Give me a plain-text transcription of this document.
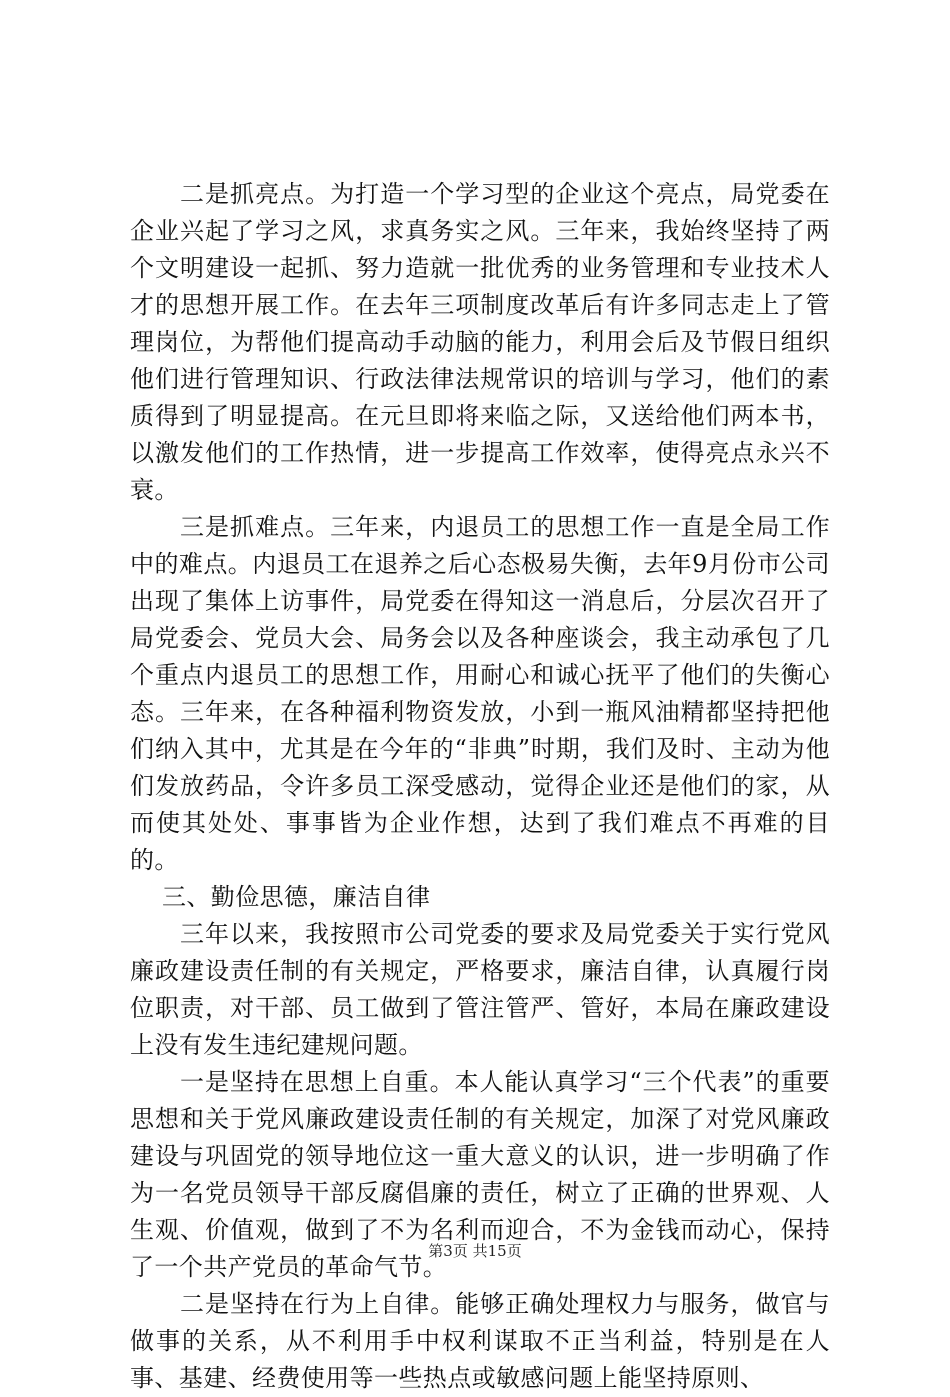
二是抓亮点。为打造一个学习型的企业这个亮点，局党委在企业兴起了学习之风，求真务实之风。三年来，我始终坚持了两个文明建设一起抓、努力造就一批优秀的业务管理和专业技术人才的思想开展工作。在去年三项制度改革后有许多同志走上了管理岗位，为帮他们提高动手动脑的能力，利用会后及节假日组织他们进行管理知识、行政法律法规常识的培训与学习，他们的素质得到了明显提高。在元旦即将来临之际，又送给他们两本书，以激发他们的工作热情，进一步提高工作效率，使得亮点永兴不衰。

三是抓难点。三年来，内退员工的思想工作一直是全局工作中的难点。内退员工在退养之后心态极易失衡，去年9月份市公司出现了集体上访事件，局党委在得知这一消息后，分层次召开了局党委会、党员大会、局务会以及各种座谈会，我主动承包了几个重点内退员工的思想工作，用耐心和诚心抚平了他们的失衡心态。三年来，在各种福利物资发放，小到一瓶风油精都坚持把他们纳入其中，尤其是在今年的“非典”时期，我们及时、主动为他们发放药品，令许多员工深受感动，觉得企业还是他们的家，从而使其处处、事事皆为企业作想，达到了我们难点不再难的目的。

三、勤俭思德，廉洁自律

三年以来，我按照市公司党委的要求及局党委关于实行党风廉政建设责任制的有关规定，严格要求，廉洁自律，认真履行岗位职责，对干部、员工做到了管注管严、管好，本局在廉政建设上没有发生违纪建规问题。

一是坚持在思想上自重。本人能认真学习“三个代表”的重要思想和关于党风廉政建设责任制的有关规定，加深了对党风廉政建设与巩固党的领导地位这一重大意义的认识，进一步明确了作为一名党员领导干部反腐倡廉的责任，树立了正确的世界观、人生观、价值观，做到了不为名利而迎合，不为金钱而动心，保持了一个共产党员的革命气节。

二是坚持在行为上自律。能够正确处理权力与服务，做官与做事的关系，从不利用手中权利谋取不正当利益，特别是在人事、基建、经费使用等一些热点或敏感问题上能坚持原则、

第3页 共15页
